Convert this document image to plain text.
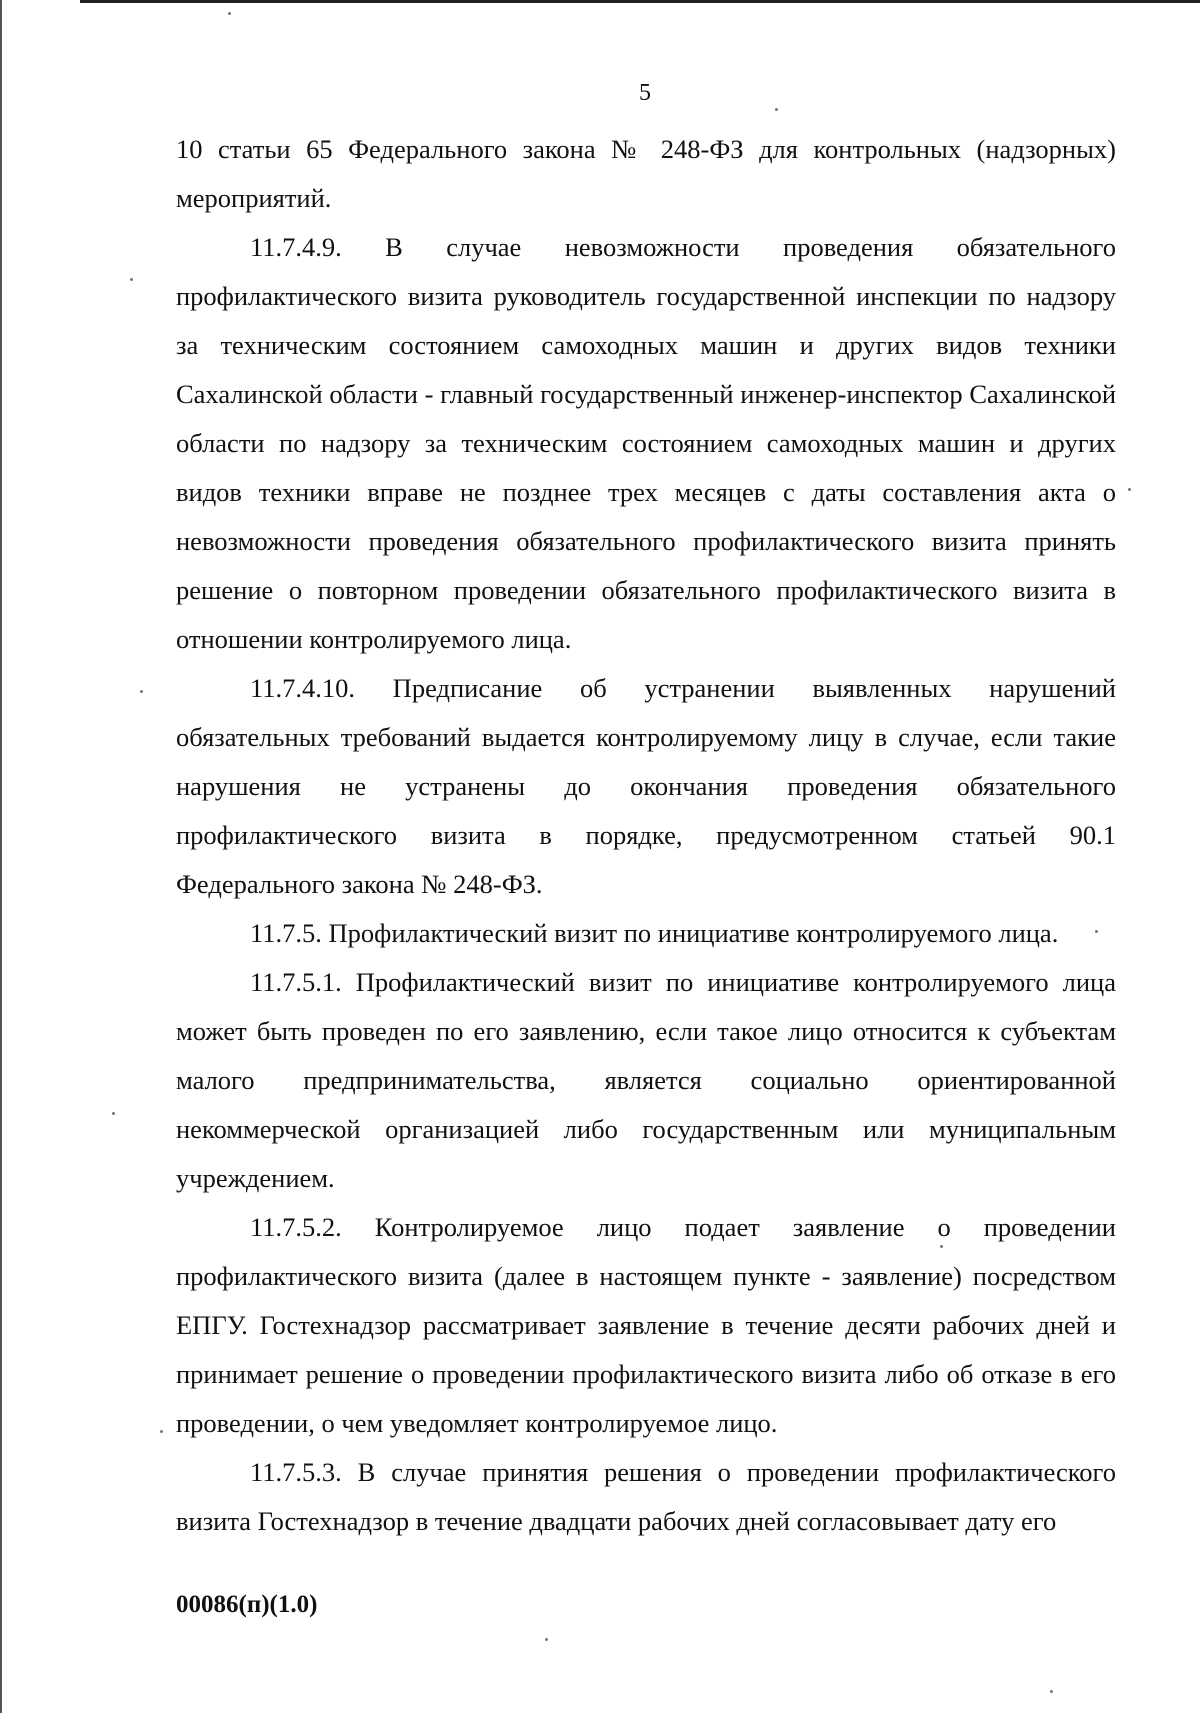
5

10 статьи 65 Федерального закона № 248-ФЗ для контрольных (надзорных) мероприятий.

11.7.4.9. В случае невозможности проведения обязательного профилактического визита руководитель государственной инспекции по надзору за техническим состоянием самоходных машин и других видов техники Сахалинской области - главный государственный инженер-инспектор Сахалинской области по надзору за техническим состоянием самоходных машин и других видов техники вправе не позднее трех месяцев с даты составления акта о невозможности проведения обязательного профилактического визита принять решение о повторном проведении обязательного профилактического визита в отношении контролируемого лица.

11.7.4.10. Предписание об устранении выявленных нарушений обязательных требований выдается контролируемому лицу в случае, если такие нарушения не устранены до окончания проведения обязательного профилактического визита в порядке, предусмотренном статьей 90.1 Федерального закона № 248-ФЗ.

11.7.5. Профилактический визит по инициативе контролируемого лица.

11.7.5.1. Профилактический визит по инициативе контролируемого лица может быть проведен по его заявлению, если такое лицо относится к субъектам малого предпринимательства, является социально ориентированной некоммерческой организацией либо государственным или муниципальным учреждением.

11.7.5.2. Контролируемое лицо подает заявление о проведении профилактического визита (далее в настоящем пункте - заявление) посредством ЕПГУ. Гостехнадзор рассматривает заявление в течение десяти рабочих дней и принимает решение о проведении профилактического визита либо об отказе в его проведении, о чем уведомляет контролируемое лицо.

11.7.5.3. В случае принятия решения о проведении профилактического визита Гостехнадзор в течение двадцати рабочих дней согласовывает дату его

00086(п)(1.0)
